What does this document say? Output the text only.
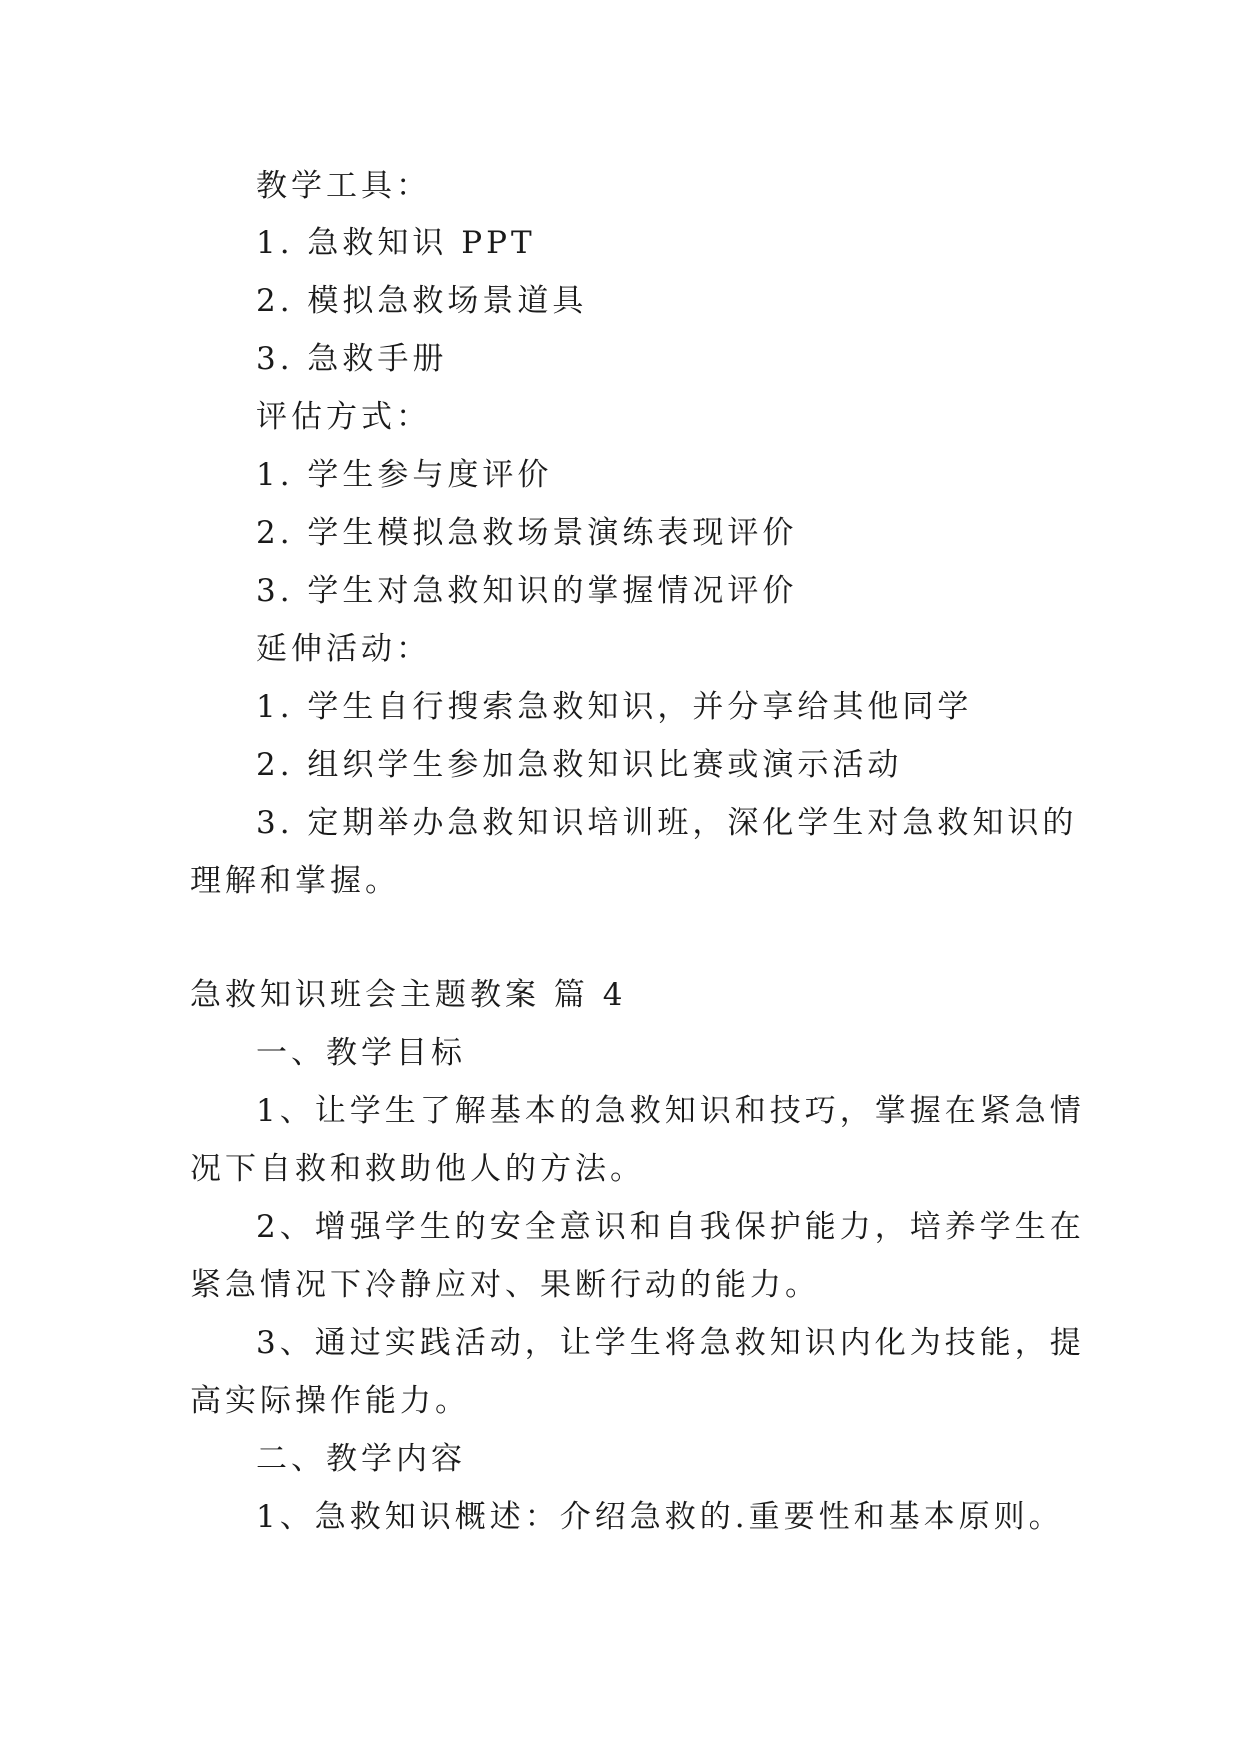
教学工具：
1. 急救知识 PPT
2. 模拟急救场景道具
3. 急救手册
评估方式：
1. 学生参与度评价
2. 学生模拟急救场景演练表现评价
3. 学生对急救知识的掌握情况评价
延伸活动：
1. 学生自行搜索急救知识，并分享给其他同学
2. 组织学生参加急救知识比赛或演示活动
3. 定期举办急救知识培训班，深化学生对急救知识的
理解和掌握。
急救知识班会主题教案 篇 4
一、教学目标
1、让学生了解基本的急救知识和技巧，掌握在紧急情
况下自救和救助他人的方法。
2、增强学生的安全意识和自我保护能力，培养学生在
紧急情况下冷静应对、果断行动的能力。
3、通过实践活动，让学生将急救知识内化为技能，提
高实际操作能力。
二、教学内容
1、急救知识概述：介绍急救的.重要性和基本原则。
